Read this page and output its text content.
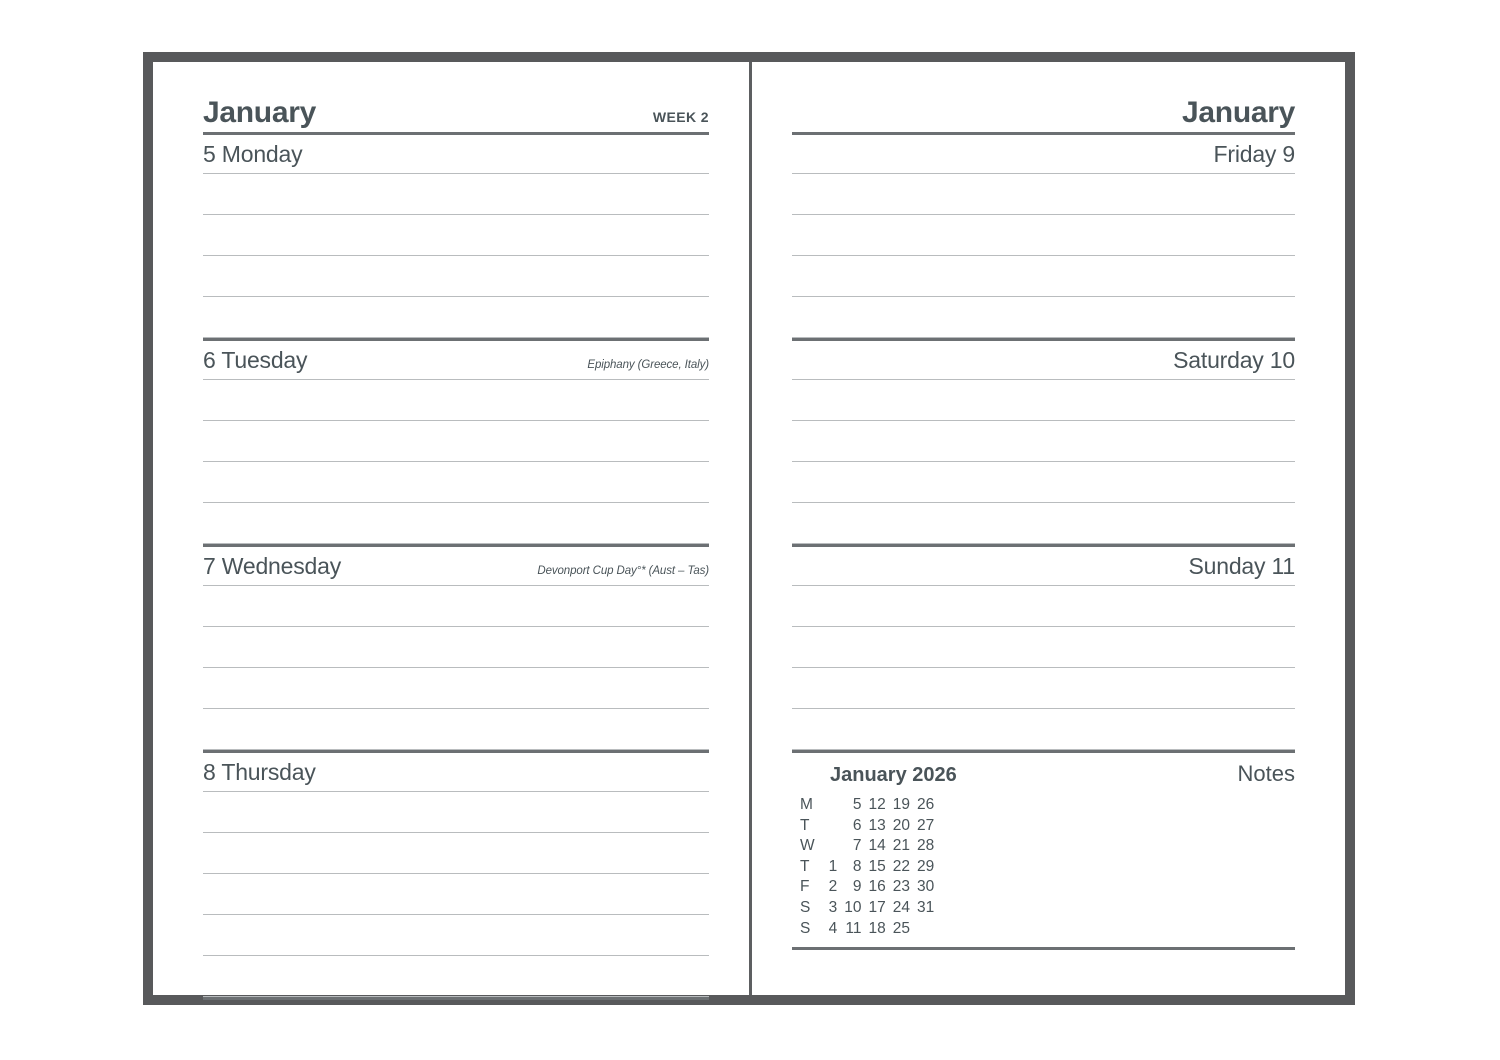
January	WEEK 2
5 Monday
6 Tuesday	Epiphany (Greece, Italy)
7 Wednesday	Devonport Cup Day°* (Aust – Tas)
8 Thursday
January
Friday 9
Saturday 10
Sunday 11
January 2026	Notes
M		5	12	19	26
T		6	13	20	27
W		7	14	21	28
T	1	8	15	22	29
F	2	9	16	23	30
S	3	10	17	24	31
S	4	11	18	25	
